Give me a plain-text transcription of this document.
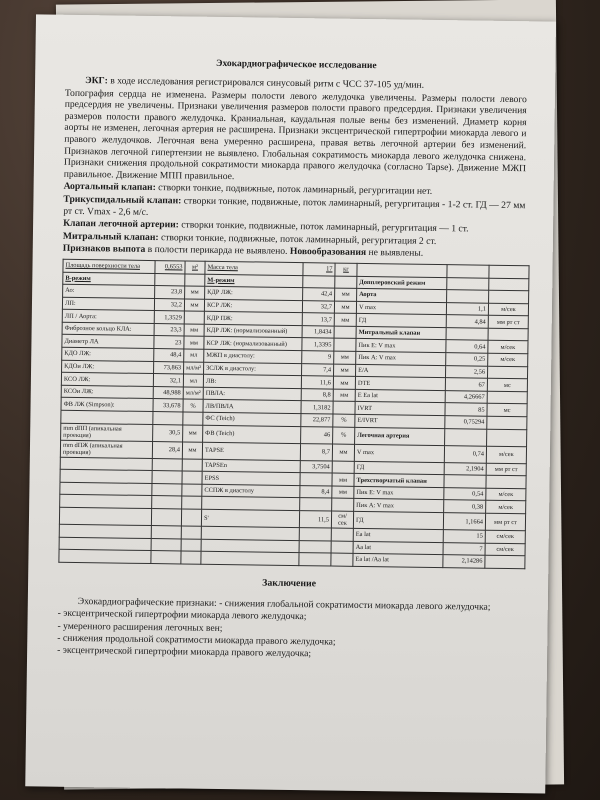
Эхокардиографическое исследование

ЭКГ: в ходе исследования регистрировался синусовый ритм с ЧСС 37-105 уд/мин.

Топография сердца не изменена. Размеры полости левого желудочка увеличены. Размеры полости левого предсердия не увеличены. Признаки увеличения размеров полости правого предсердия. Признаки увеличения размеров полости правого желудочка. Краниальная, каудальная полые вены без изменений. Диаметр корня аорты не изменен, легочная артерия не расширена. Признаки эксцентрической гипертрофии миокарда левого и правого желудочков. Легочная вена умеренно расширена, правая ветвь легочной артерии без изменений. Признаков легочной гипертензии не выявлено. Глобальная сократимость миокарда левого желудочка снижена. Признаки снижения продольной сократимости миокарда правого желудочка (согласно Tapse). Движение МЖП правильное. Движение МПП правильное.

Аортальный клапан: створки тонкие, подвижные, поток ламинарный, регургитации нет.

Трикуспидальный клапан: створки тонкие, подвижные, поток ламинарный, регургитация - 1-2 ст. ГД — 27 мм рт ст. Vmax - 2,6 м/с.

Клапан легочной артерии: створки тонкие, подвижные, поток ламинарный, регургитация — 1 ст.

Митральный клапан: створки тонкие, подвижные, поток ламинарный, регургитация 2 ст.

Признаков выпота в полости перикарда не выявлено. Новообразования не выявлены.

Площадь поверхности тела	0,6553	м²	Масса тела	17	кг			
В-режим			М-режим			Допплеровский режим		
Ао:	23,8	мм	КДР ЛЖ:	42,4	мм	Аорта		
ЛП:	32,2	мм	КСР ЛЖ:	32,7	мм	V max	1,1	м/сек
ЛП / Аорта:	1,3529		КДР ПЖ:	13,7	мм	ГД	4,84	мм рт ст
Фиброзное кольцо КЛА:	23,3	мм	КДР ЛЖ: (нормализованный)	1,8434		Митральный клапан		
Диаметр ЛА	23	мм	КСР ЛЖ: (нормализованный)	1,3395		Пик E: V max	0,64	м/сек
КДО ЛЖ:	48,4	мл	МЖП в диастолу:	9	мм	Пик A: V max	0,25	м/сек
КДОи ЛЖ:	73,863	мл/м²	ЗСЛЖ в диастолу:	7,4	мм	E/A	2,56	
КСО ЛЖ:	32,1	мл	ЛВ:	11,6	мм	DTE	67	мс
КСОи ЛЖ:	48,988	мл/м²	ПВЛА:	8,8	мм	E Ea lat	4,26667	
ФВ ЛЖ (Simpson):	33,678	%	ЛВ/ПВЛА	1,3182		IVRT	85	мс
			ФС (Teich)	22,877	%	E/IVRT	0,75294	
mm dПП (апикальная проекция)	30,5	мм	ФВ (Teich)	46	%	Легочная артерия		
mm dПЖ (апикальная проекция)	28,4	мм	TAPSE	8,7	мм	V max	0,74	м/сек
			TAPSEn	3,7504		ГД	2,1904	мм рт ст
			EPSS		мм	Трехстворчатый клапан		
			ССПЖ в диастолу	8,4	мм	Пик E: V max	0,54	м/сек
						Пик A: V max	0,38	м/сек
			S'	11,5	см/сек	ГД	1,1664	мм рт ст
						Ea lat	15	см/сек
						Aa lat	7	см/сек
						Ea lat /Aa lat	2,14286	
Заключение

Эхокардиографические признаки: - снижения глобальной сократимости миокарда левого желудочка;

- эксцентрической гипертрофии миокарда левого желудочка;

- умеренного расширения легочных вен;

- снижения продольной сократимости миокарда правого желудочка;

- эксцентрической гипертрофии миокарда правого желудочка;
